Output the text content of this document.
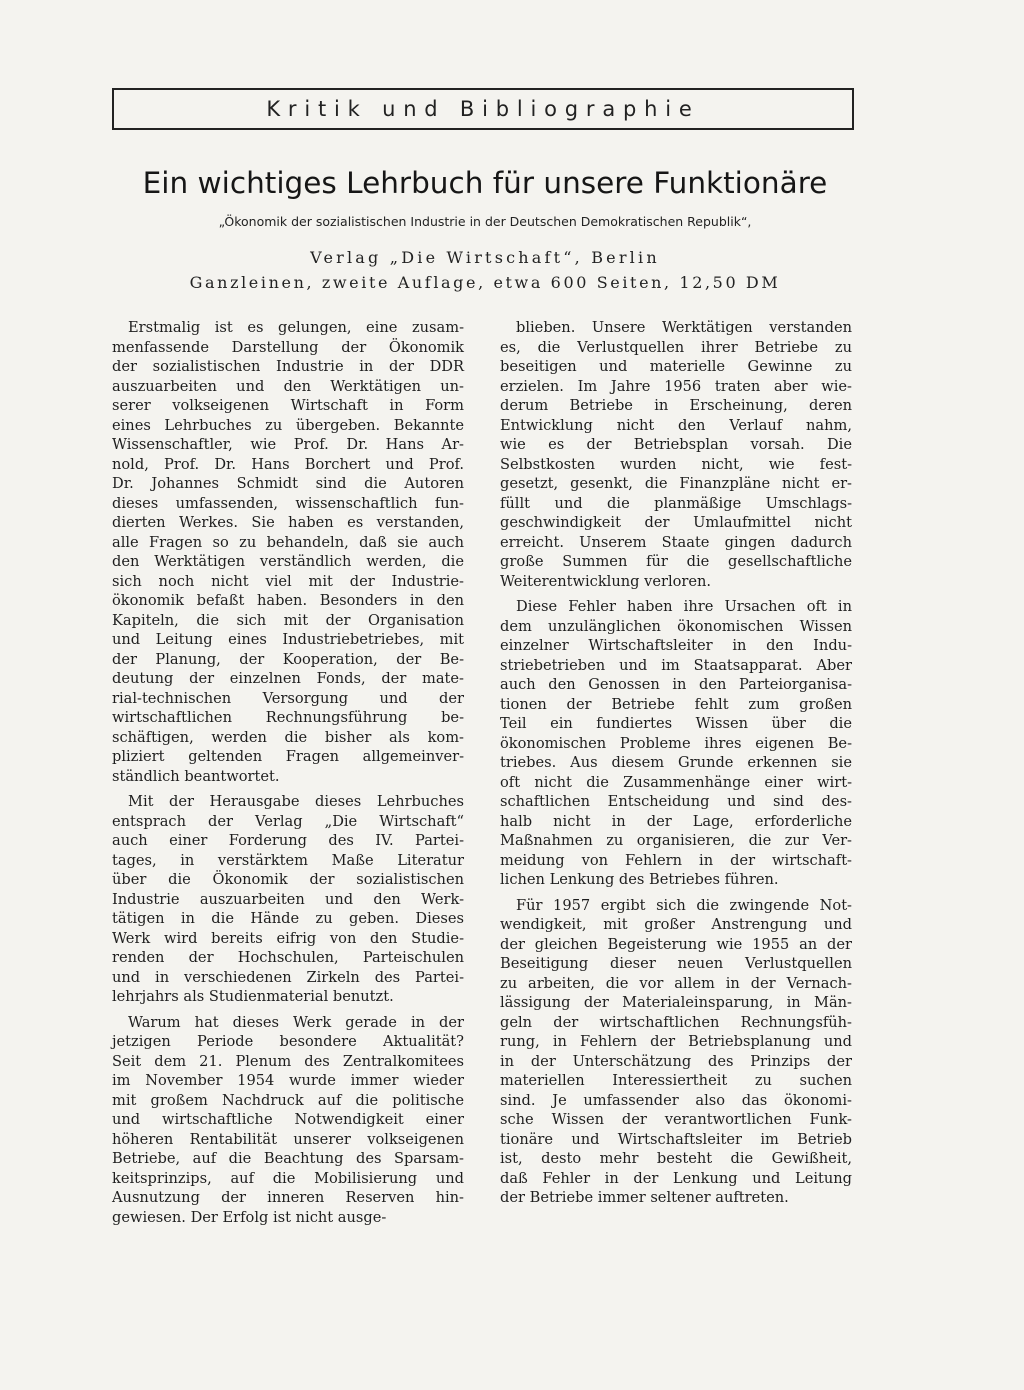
Kritik und Bibliographie
Ein wichtiges Lehrbuch für unsere Funktionäre
„Ökonomik der sozialistischen Industrie in der Deutschen Demokratischen Republik“,
Verlag „Die Wirtschaft“, Berlin
Ganzleinen, zweite Auflage, etwa 600 Seiten, 12,50 DM
Erstmalig ist es gelungen, eine zusam-
menfassende Darstellung der Ökonomik
der sozialistischen Industrie in der DDR
auszuarbeiten und den Werktätigen un-
serer volkseigenen Wirtschaft in Form
eines Lehrbuches zu übergeben. Bekannte
Wissenschaftler, wie Prof. Dr. Hans Ar-
nold, Prof. Dr. Hans Borchert und Prof.
Dr. Johannes Schmidt sind die Autoren
dieses umfassenden, wissenschaftlich fun-
dierten Werkes. Sie haben es verstanden,
alle Fragen so zu behandeln, daß sie auch
den Werktätigen verständlich werden, die
sich noch nicht viel mit der Industrie-
ökonomik befaßt haben. Besonders in den
Kapiteln, die sich mit der Organisation
und Leitung eines Industriebetriebes, mit
der Planung, der Kooperation, der Be-
deutung der einzelnen Fonds, der mate-
rial-technischen Versorgung und der
wirtschaftlichen Rechnungsführung be-
schäftigen, werden die bisher als kom-
pliziert geltenden Fragen allgemeinver-
ständlich beantwortet.
Mit der Herausgabe dieses Lehrbuches
entsprach der Verlag „Die Wirtschaft“
auch einer Forderung des IV. Partei-
tages, in verstärktem Maße Literatur
über die Ökonomik der sozialistischen
Industrie auszuarbeiten und den Werk-
tätigen in die Hände zu geben. Dieses
Werk wird bereits eifrig von den Studie-
renden der Hochschulen, Parteischulen
und in verschiedenen Zirkeln des Partei-
lehrjahrs als Studienmaterial benutzt.
Warum hat dieses Werk gerade in der
jetzigen Periode besondere Aktualität?
Seit dem 21. Plenum des Zentralkomitees
im November 1954 wurde immer wieder
mit großem Nachdruck auf die politische
und wirtschaftliche Notwendigkeit einer
höheren Rentabilität unserer volkseigenen
Betriebe, auf die Beachtung des Sparsam-
keitsprinzips, auf die Mobilisierung und
Ausnutzung der inneren Reserven hin-
gewiesen. Der Erfolg ist nicht ausge-
blieben. Unsere Werktätigen verstanden
es, die Verlustquellen ihrer Betriebe zu
beseitigen und materielle Gewinne zu
erzielen. Im Jahre 1956 traten aber wie-
derum Betriebe in Erscheinung, deren
Entwicklung nicht den Verlauf nahm,
wie es der Betriebsplan vorsah. Die
Selbstkosten wurden nicht, wie fest-
gesetzt, gesenkt, die Finanzpläne nicht er-
füllt und die planmäßige Umschlags-
geschwindigkeit der Umlaufmittel nicht
erreicht. Unserem Staate gingen dadurch
große Summen für die gesellschaftliche
Weiterentwicklung verloren.
Diese Fehler haben ihre Ursachen oft in
dem unzulänglichen ökonomischen Wissen
einzelner Wirtschaftsleiter in den Indu-
striebetrieben und im Staatsapparat. Aber
auch den Genossen in den Parteiorganisa-
tionen der Betriebe fehlt zum großen
Teil ein fundiertes Wissen über die
ökonomischen Probleme ihres eigenen Be-
triebes. Aus diesem Grunde erkennen sie
oft nicht die Zusammenhänge einer wirt-
schaftlichen Entscheidung und sind des-
halb nicht in der Lage, erforderliche
Maßnahmen zu organisieren, die zur Ver-
meidung von Fehlern in der wirtschaft-
lichen Lenkung des Betriebes führen.
Für 1957 ergibt sich die zwingende Not-
wendigkeit, mit großer Anstrengung und
der gleichen Begeisterung wie 1955 an der
Beseitigung dieser neuen Verlustquellen
zu arbeiten, die vor allem in der Vernach-
lässigung der Materialeinsparung, in Män-
geln der wirtschaftlichen Rechnungsfüh-
rung, in Fehlern der Betriebsplanung und
in der Unterschätzung des Prinzips der
materiellen Interessiertheit zu suchen
sind. Je umfassender also das ökonomi-
sche Wissen der verantwortlichen Funk-
tionäre und Wirtschaftsleiter im Betrieb
ist, desto mehr besteht die Gewißheit,
daß Fehler in der Lenkung und Leitung
der Betriebe immer seltener auftreten.
